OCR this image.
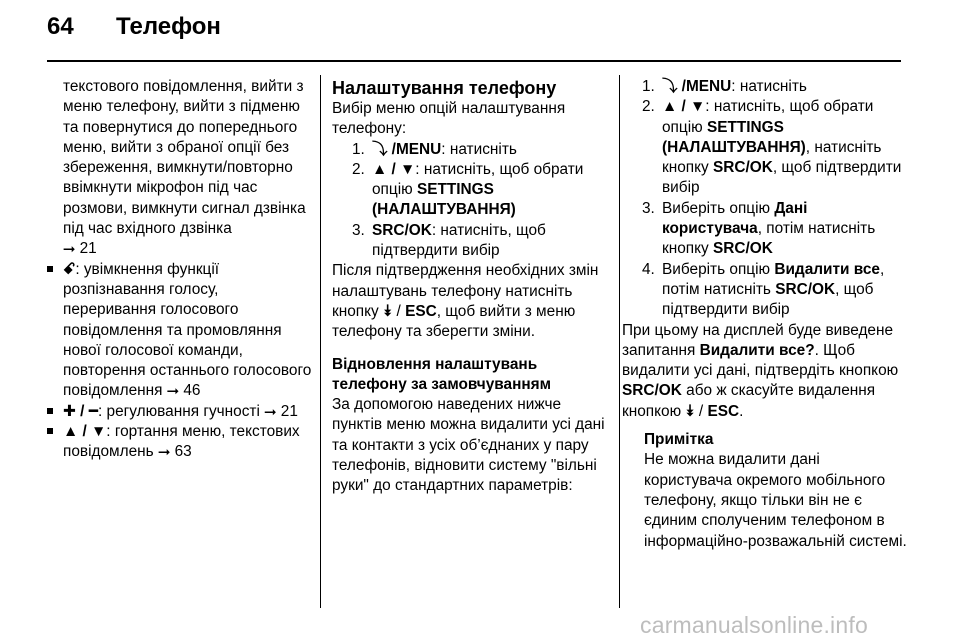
64 Телефон

текстового повідомлення, вийти з меню телефону, вийти з підменю та повернутися до попереднього меню, вийти з обраної опції без збереження, вимкнути/повторно ввімкнути мікрофон під час розмови, вимкнути сигнал дзвінка під час вхідного дзвінка
⭢ 21

ꗃ: увімкнення функції розпізнавання голосу, переривання голосового повідомлення та промовляння нової голосової команди, повторення останнього голосового повідомлення ⭢ 46
✚ / ━: регулювання гучності ⭢ 21
▲ / ▼: гортання меню, текстових повідомлень ⭢ 63

Налаштування телефону

Вибір меню опцій налаштування телефону:

1. ⤵ /MENU: натисніть
2. ▲ / ▼: натисніть, щоб обрати опцію SETTINGS (НАЛАШТУВАННЯ)
3. SRC/OK: натисніть, щоб підтвердити вибір

Після підтвердження необхідних змін налаштувань телефону натисніть кнопку ⯯ / ESC, щоб вийти з меню телефону та зберегти зміни.

Відновлення налаштувань телефону за замовчуванням

За допомогою наведених нижче пунктів меню можна видалити усі дані та контакти з усіх об’єднаних у пару телефонів, відновити систему "вільні руки" до стандартних параметрів:

1. ⤵ /MENU: натисніть
2. ▲ / ▼: натисніть, щоб обрати опцію SETTINGS (НАЛАШТУВАННЯ), натисніть кнопку SRC/OK, щоб підтвердити вибір
3. Виберіть опцію Дані користувача, потім натисніть кнопку SRC/OK
4. Виберіть опцію Видалити все, потім натисніть SRC/OK, щоб підтвердити вибір

При цьому на дисплей буде виведене запитання Видалити все?. Щоб видалити усі дані, підтвердіть кнопкою SRC/OK або ж скасуйте видалення кнопкою ⯯ / ESC.

Примітка

Не можна видалити дані користувача окремого мобільного телефону, якщо тільки він не є єдиним сполученим телефоном в інформаційно-розважальній системі.

carmanualsonline.info
